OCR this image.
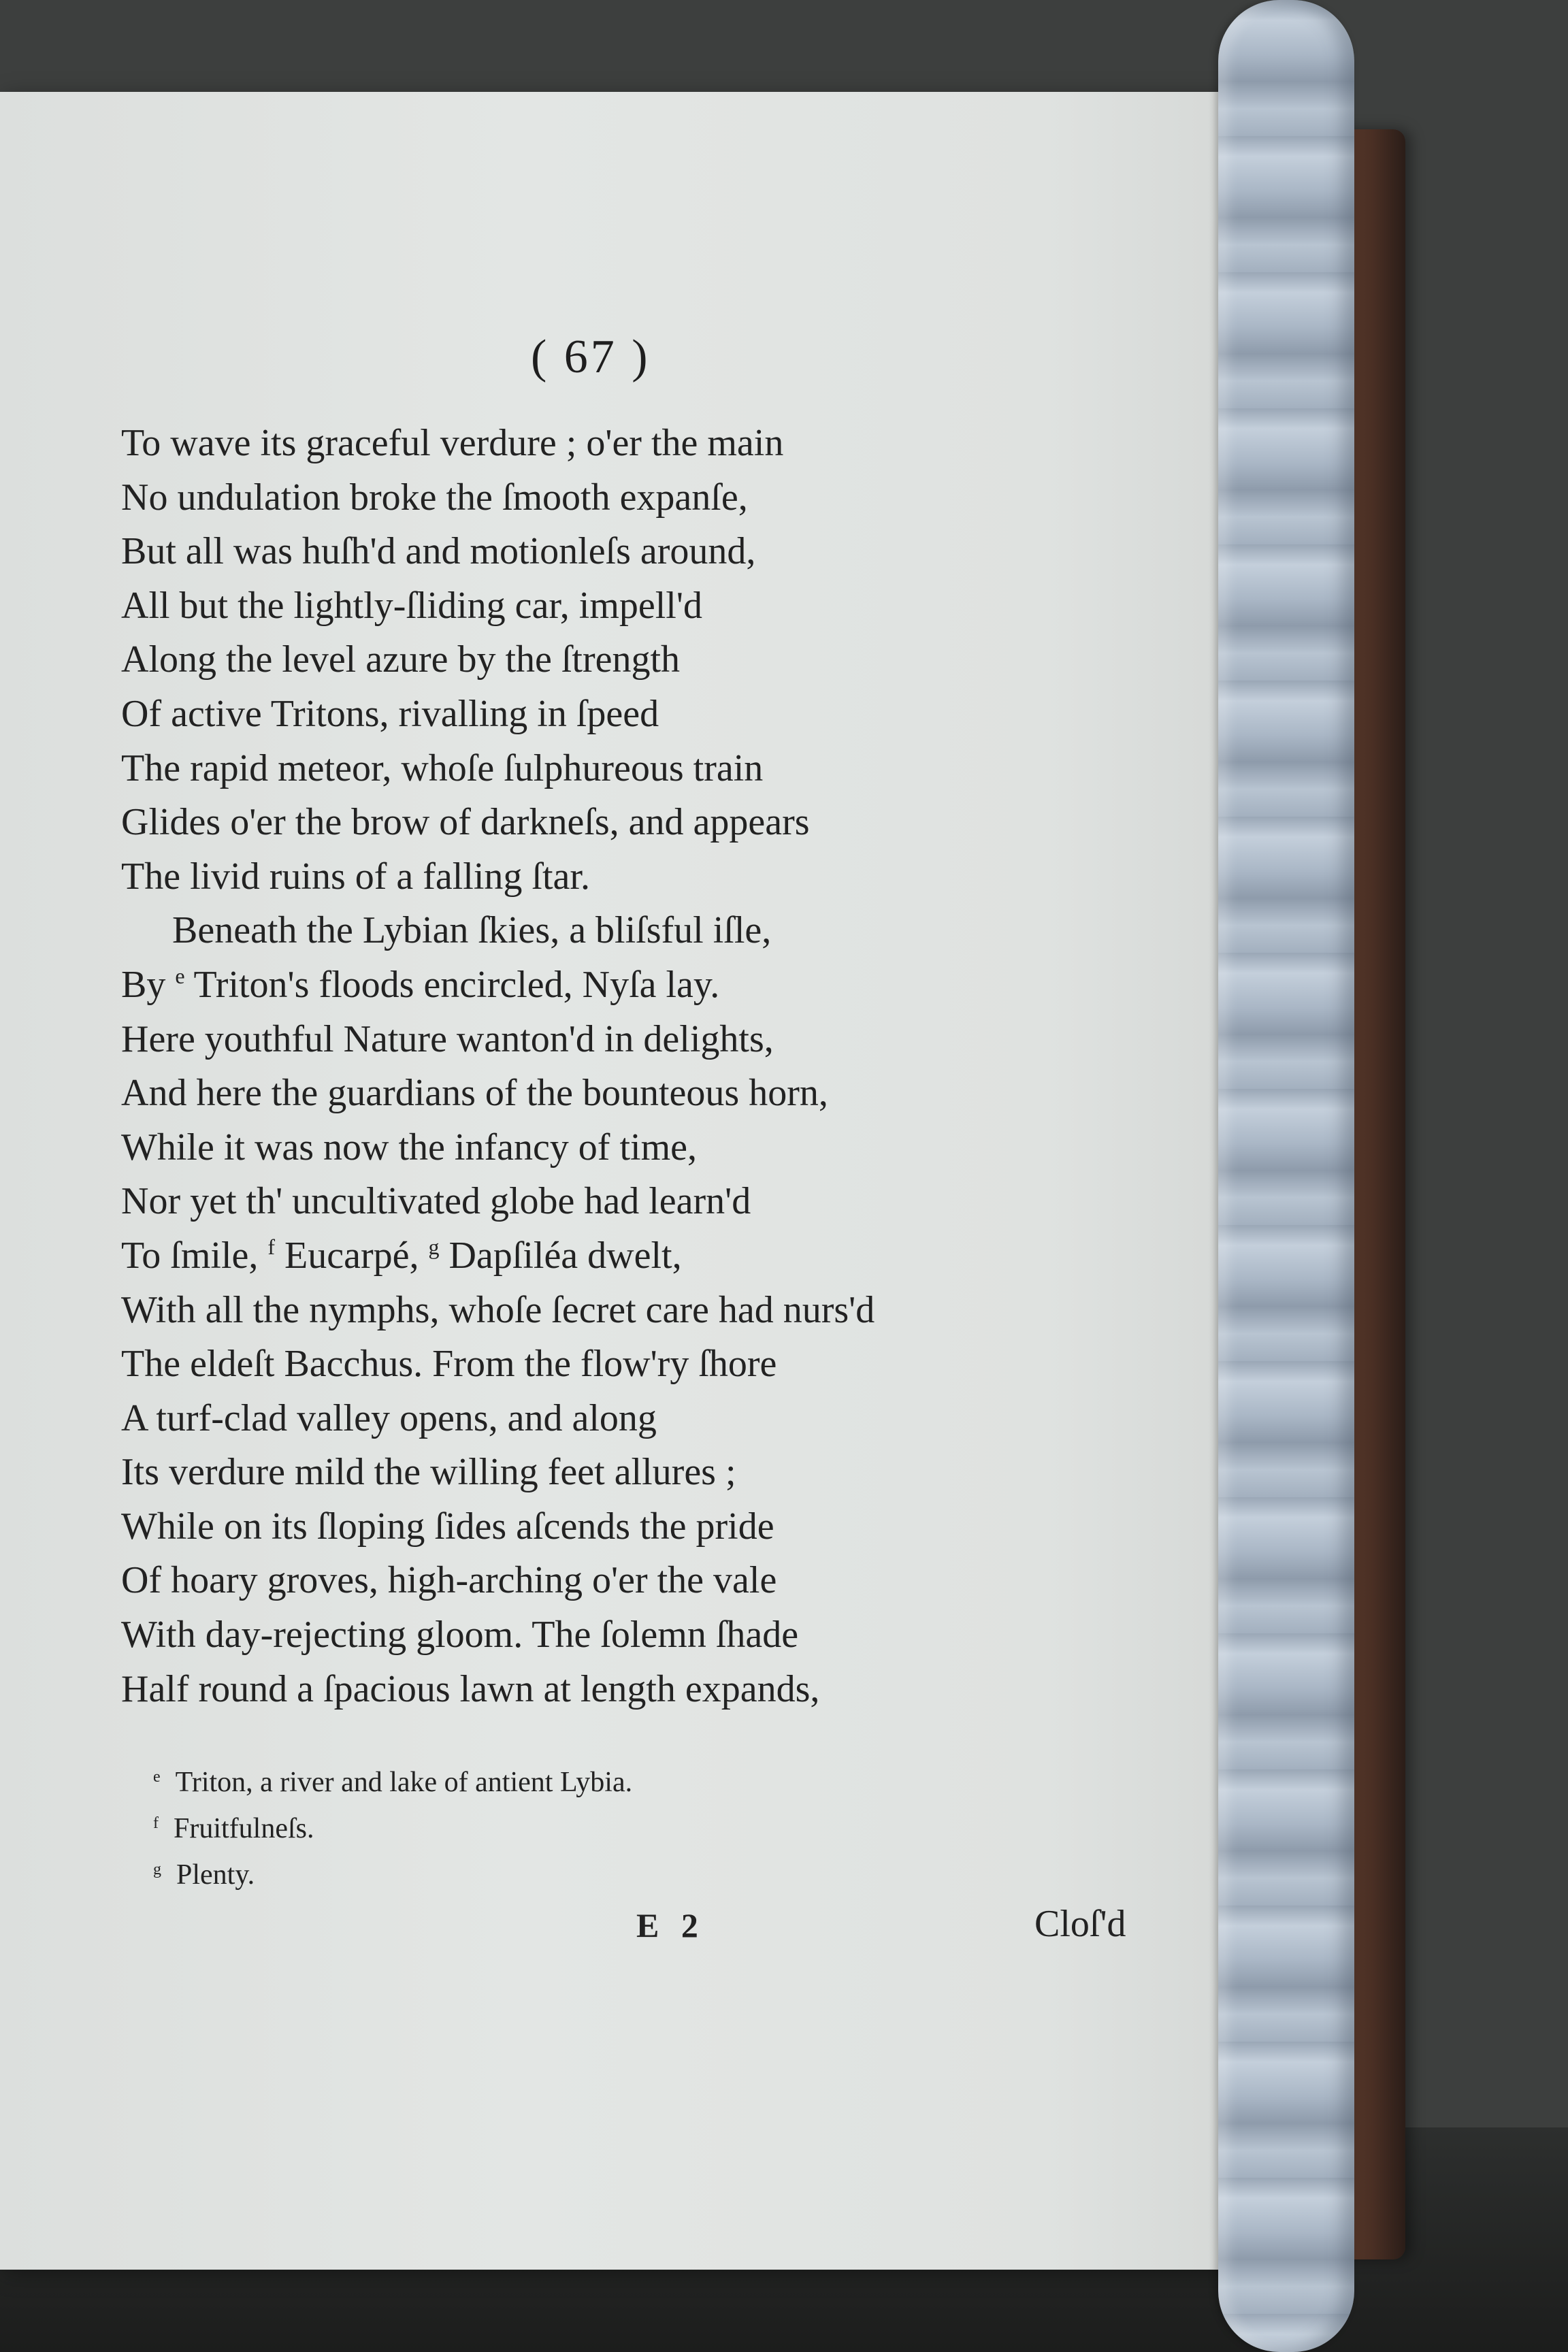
( 67 )
To wave its graceful verdure ; o'er the main
No undulation broke the ſmooth expanſe,
But all was huſh'd and motionleſs around,
All but the lightly-ſliding car, impell'd
Along the level azure by the ſtrength
Of active Tritons, rivalling in ſpeed
The rapid meteor, whoſe ſulphureous train
Glides o'er the brow of darkneſs, and appears
The livid ruins of a falling ſtar.
Beneath the Lybian ſkies, a bliſsful iſle,
By $^e$ Triton's floods encircled, Nyſa lay.
Here youthful Nature wanton'd in delights,
And here the guardians of the bounteous horn,
While it was now the infancy of time,
Nor yet th' uncultivated globe had learn'd
To ſmile, $^f$ Eucarpé, $^g$ Dapſiléa dwelt,
With all the nymphs, whoſe ſecret care had nurs'd
The eldeſt Bacchus. From the flow'ry ſhore
A turf-clad valley opens, and along
Its verdure mild the willing feet allures ;
While on its ſloping ſides aſcends the pride
Of hoary groves, high-arching o'er the vale
With day-rejecting gloom. The ſolemn ſhade
Half round a ſpacious lawn at length expands,
$^e$ Triton, a river and lake of antient Lybia.
$^f$ Fruitfulneſs.
$^g$ Plenty.
E 2	Cloſ'd
